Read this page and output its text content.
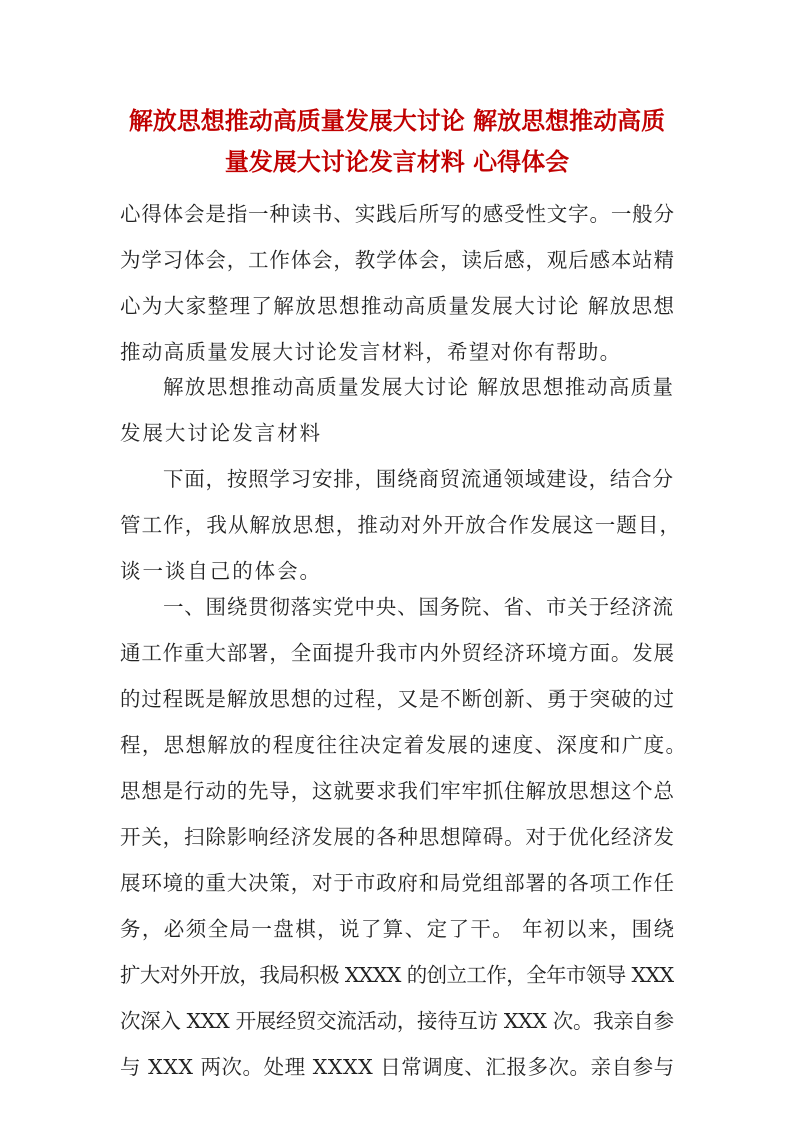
解放思想推动高质量发展大讨论 解放思想推动高质
量发展大讨论发言材料 心得体会
心得体会是指一种读书、实践后所写的感受性文字。一般分
为学习体会，工作体会，教学体会，读后感，观后感本站精
心为大家整理了解放思想推动高质量发展大讨论 解放思想
推动高质量发展大讨论发言材料，希望对你有帮助。
解放思想推动高质量发展大讨论 解放思想推动高质量
发展大讨论发言材料
下面，按照学习安排，围绕商贸流通领域建设，结合分
管工作，我从解放思想，推动对外开放合作发展这一题目，
谈一谈自己的体会。
一、围绕贯彻落实党中央、国务院、省、市关于经济流
通工作重大部署，全面提升我市内外贸经济环境方面。发展
的过程既是解放思想的过程，又是不断创新、勇于突破的过
程，思想解放的程度往往决定着发展的速度、深度和广度。
思想是行动的先导，这就要求我们牢牢抓住解放思想这个总
开关，扫除影响经济发展的各种思想障碍。对于优化经济发
展环境的重大决策，对于市政府和局党组部署的各项工作任
务，必须全局一盘棋，说了算、定了干。 年初以来，围绕
扩大对外开放，我局积极 XXXX 的创立工作，全年市领导 XXX
次深入 XXX 开展经贸交流活动，接待互访 XXX 次。我亲自参
与 XXX 两次。处理 XXXX 日常调度、汇报多次。亲自参与
